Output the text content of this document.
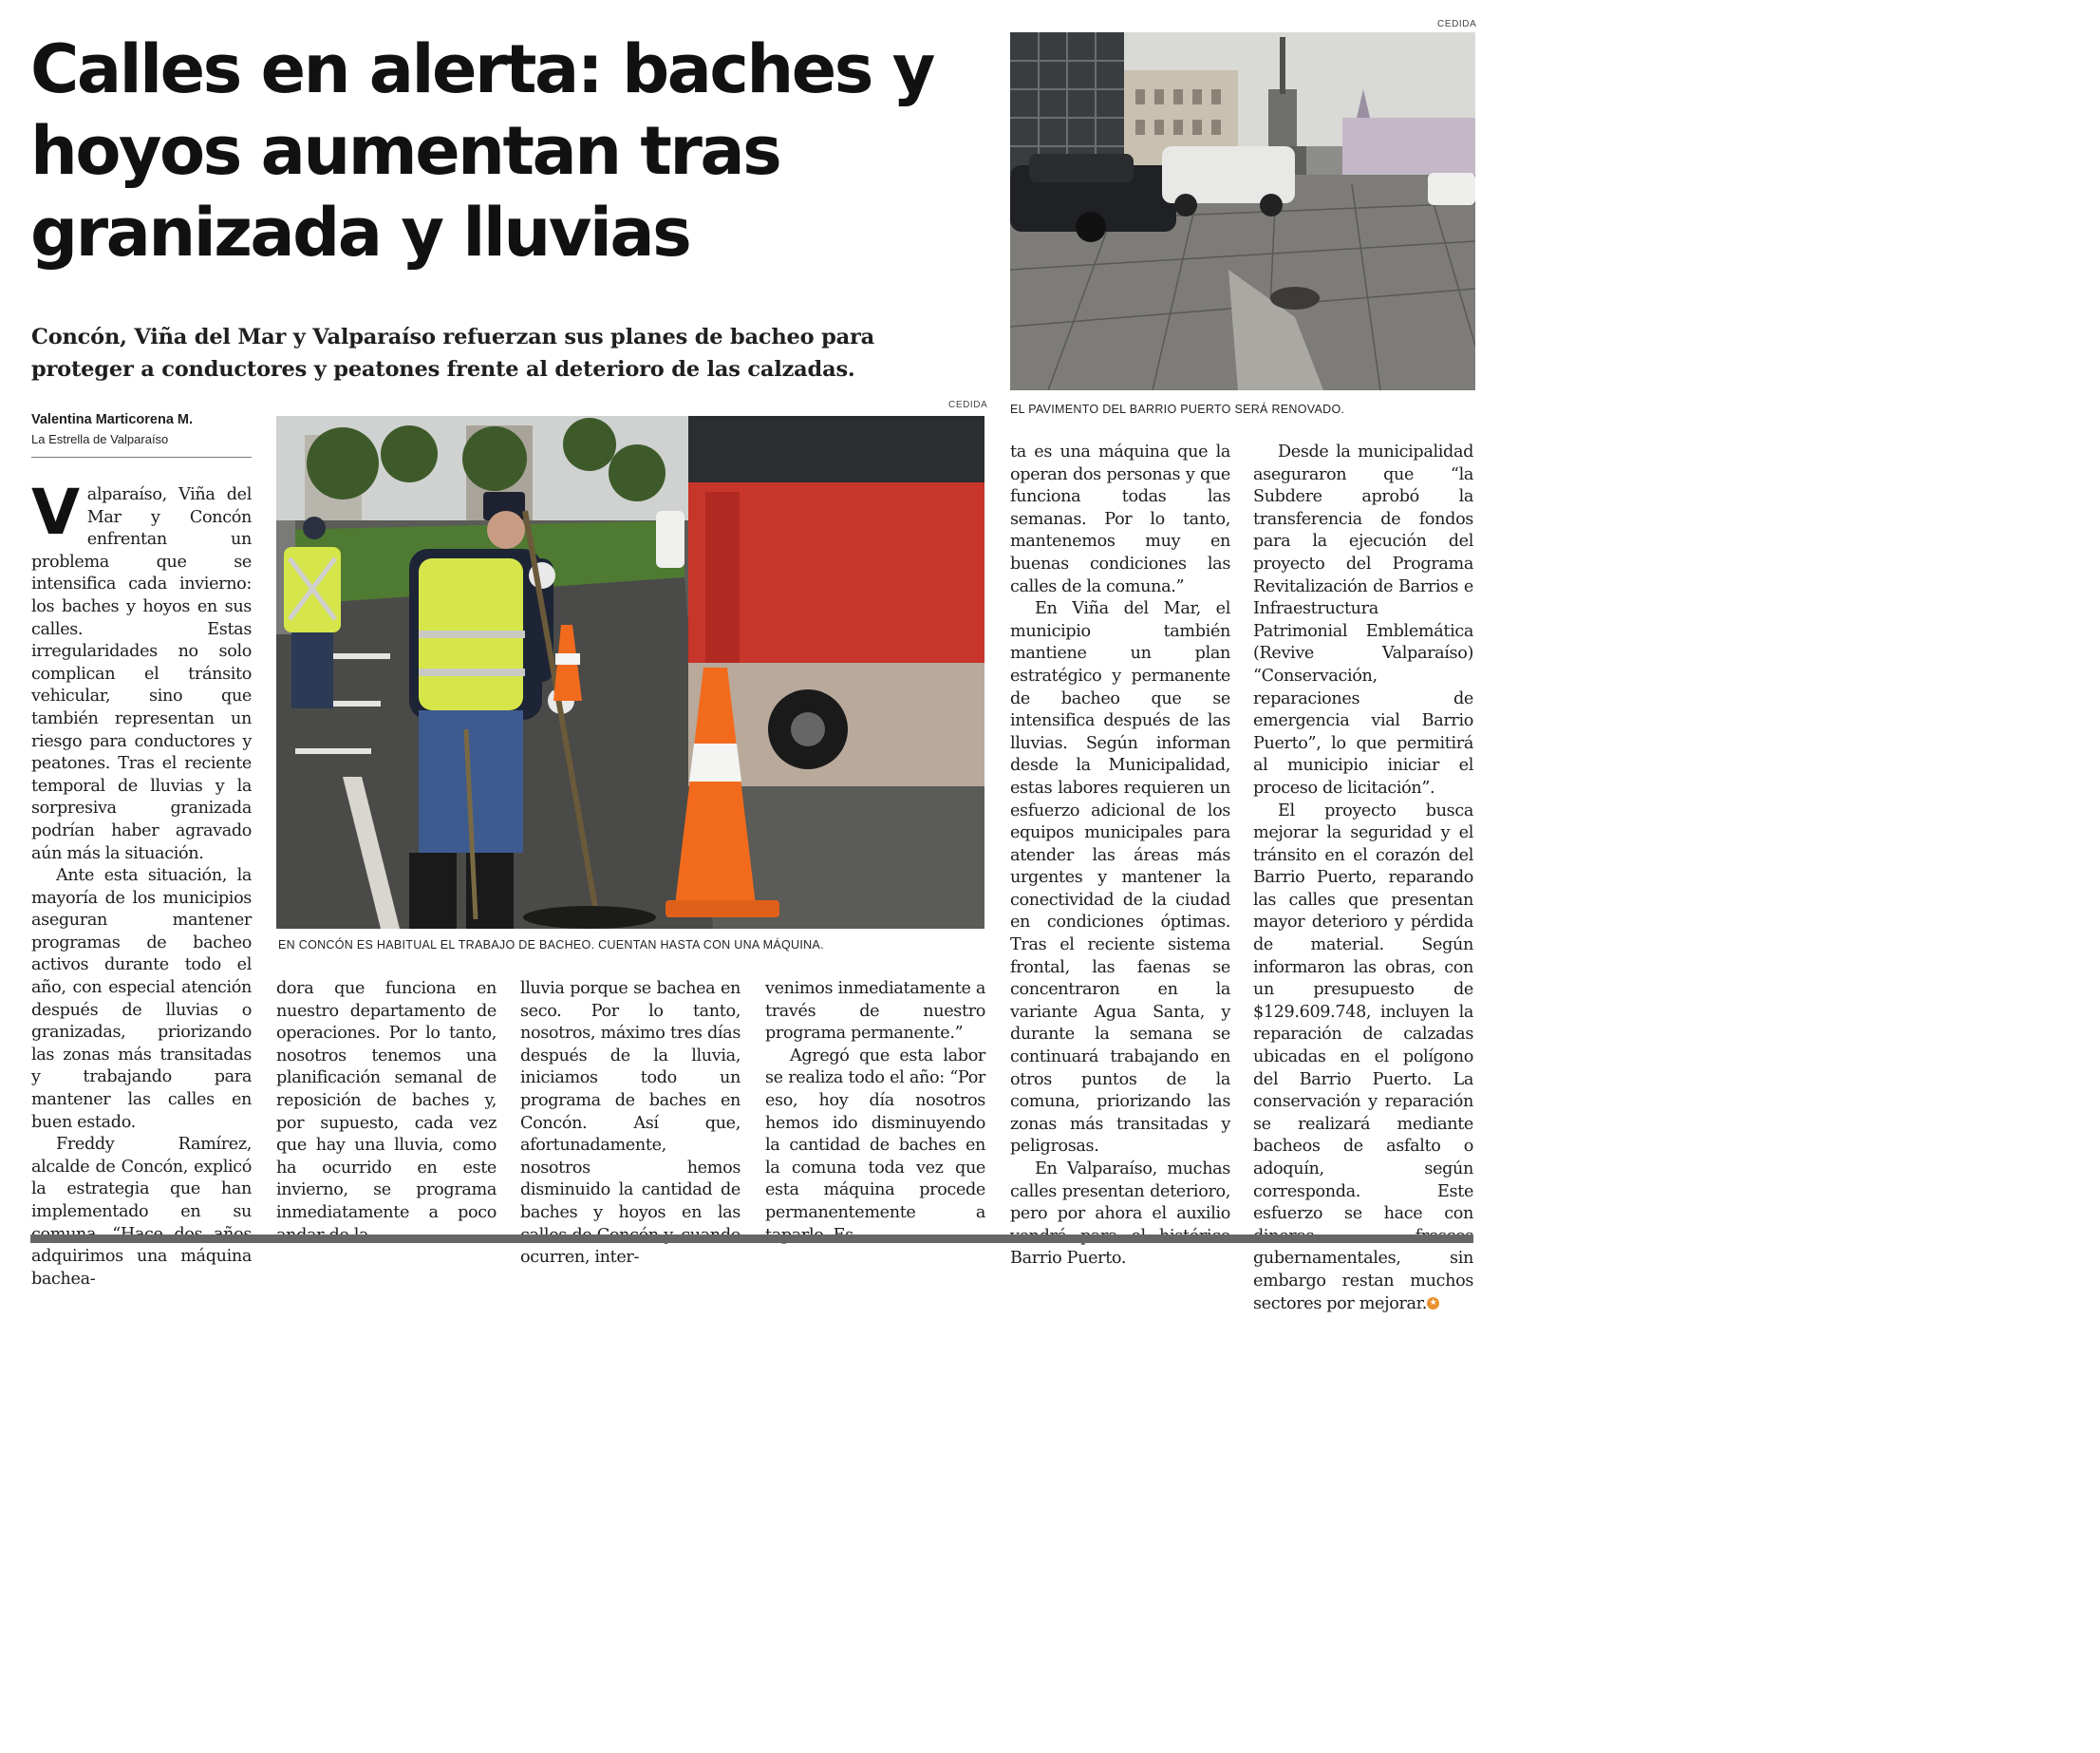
Calles en alerta: baches y hoyos aumentan tras granizada y lluvias

Concón, Viña del Mar y Valparaíso refuerzan sus planes de bacheo para proteger a conductores y peatones frente al deterioro de las calzadas.

Valentina Marticorena M.
La Estrella de Valparaíso
CEDIDA
EL PAVIMENTO DEL BARRIO PUERTO SERÁ RENOVADO.
CEDIDA
EN CONCÓN ES HABITUAL EL TRABAJO DE BACHEO. CUENTAN HASTA CON UNA MÁQUINA.
V alparaíso, Viña del Mar y Concón enfrentan un problema que se intensifica cada invierno: los baches y hoyos en sus calles. Estas irregularidades no solo complican el tránsito vehicular, sino que también representan un riesgo para conductores y peatones. Tras el reciente temporal de lluvias y la sorpresiva granizada podrían haber agravado aún más la situación.

Ante esta situación, la mayoría de los municipios aseguran mantener programas de bacheo activos durante todo el año, con especial atención después de lluvias o granizadas, priorizando las zonas más transitadas y trabajando para mantener las calles en buen estado.

Freddy Ramírez, alcalde de Concón, explicó la estrategia que han implementado en su adquirimos una máquina bachea-

dora que funciona en nuestro departamento de operaciones. Por lo tanto, nosotros tenemos una planificación semanal de reposición de baches y, por supuesto, cada vez que hay una lluvia, como ha ocurrido en este invierno, se programa inmediatamente a poco

lluvia porque se bachea en seco. Por lo tanto, nosotros, máximo tres días después de la lluvia, iniciamos todo un programa de baches en Concón. Así que, afortunadamente, nosotros hemos disminuido la cantidad de baches y hoyos en las ocurren, inter-

venimos inmediatamente a través de nuestro programa permanente.”

Agregó que esta labor se realiza todo el año: “Por eso, hoy día nosotros hemos ido disminuyendo la cantidad de baches en la comuna toda vez que esta máquina procede permanentemente a

ta es una máquina que la operan dos personas y que funciona todas las semanas. Por lo tanto, mantenemos muy en buenas condiciones las calles de la comuna.”

En Viña del Mar, el municipio también mantiene un plan estratégico y permanente de bacheo que se intensifica después de las lluvias. Según informan desde la Municipalidad, estas labores requieren un esfuerzo adicional de los equipos municipales para atender las áreas más urgentes y mantener la conectividad de la ciudad en condiciones óptimas. Tras el reciente sistema frontal, las faenas se concentraron en la variante Agua Santa, y durante la semana se continuará trabajando en otros puntos de la comuna, priorizando las zonas más transitadas y peligrosas.

En Valparaíso, muchas calles presentan deterioro, pero por ahora el auxilio Barrio Puerto.

Desde la municipalidad aseguraron que “la Subdere aprobó la transferencia de fondos para la ejecución del proyecto del Programa Revitalización de Barrios e Infraestructura Patrimonial Emblemática (Revive Valparaíso) “Conservación, reparaciones de emergencia vial Barrio Puerto”, lo que permitirá al municipio iniciar el proceso de licitación”.

El proyecto busca mejorar la seguridad y el tránsito en el corazón del Barrio Puerto, reparando las calles que presentan mayor deterioro y pérdida de material. Según informaron las obras, con un presupuesto de $129.609.748, incluyen la reparación de calzadas ubicadas en el polígono del Barrio Puerto. La conservación y reparación se realizará mediante bacheos de asfalto o adoquín, según corresponda. Este esfuerzo se hace con gubernamentales, sin embargo restan muchos sectores por mejorar. ★
